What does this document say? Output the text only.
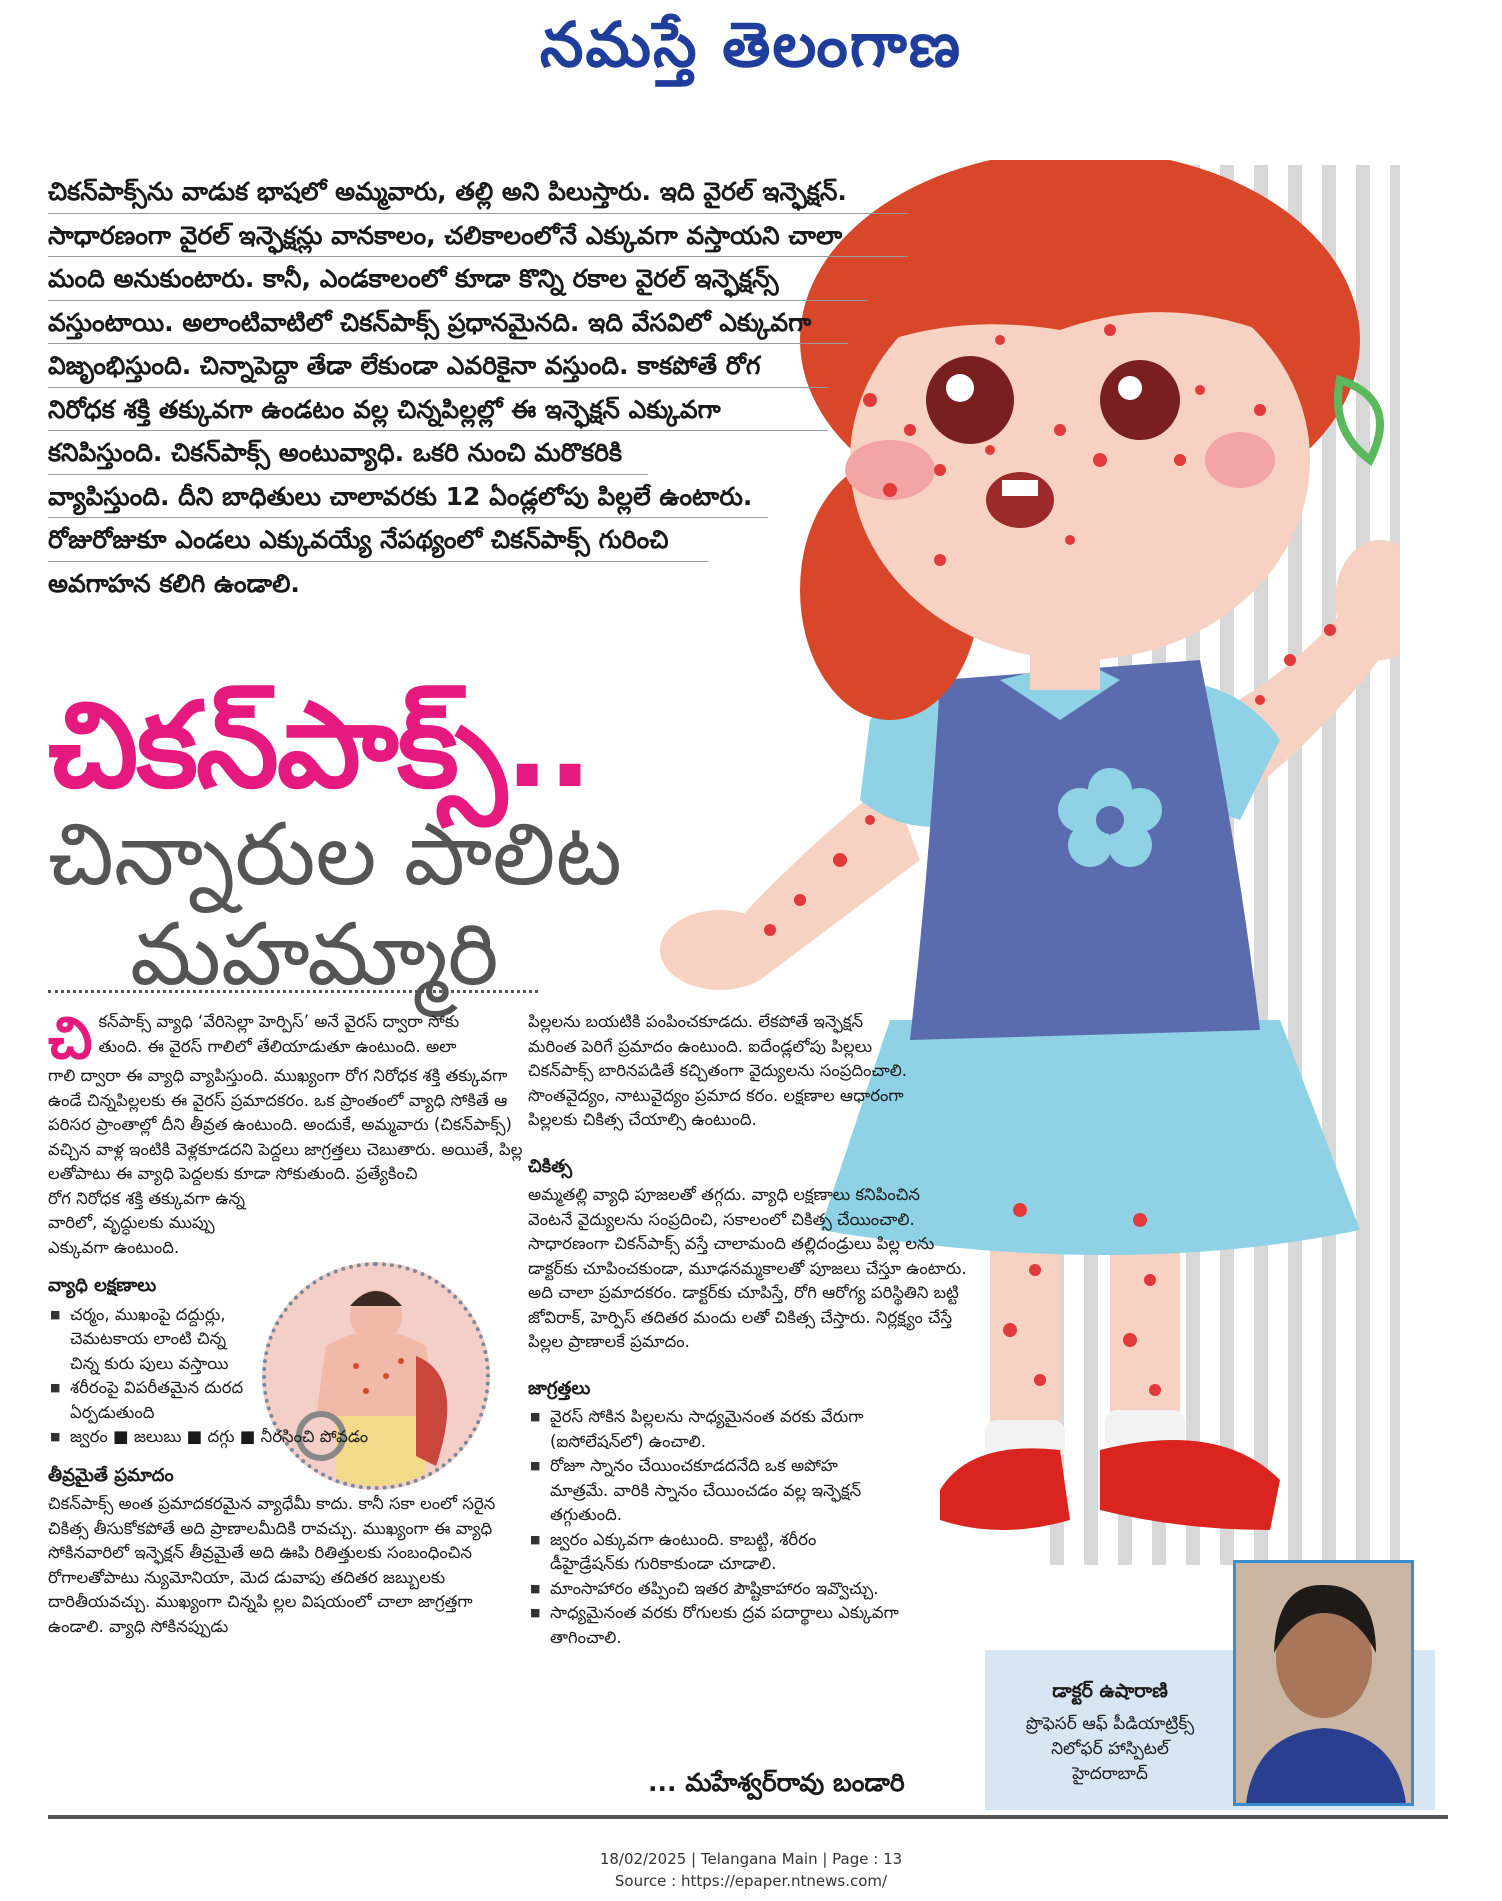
నమస్తే తెలంగాణ
చికన్‌పాక్స్‌ను వాడుక భాషలో అమ్మవారు, తల్లి అని పిలుస్తారు. ఇది వైరల్ ఇన్ఫెక్షన్.
సాధారణంగా వైరల్ ఇన్ఫెక్షన్లు వానకాలం, చలికాలంలోనే ఎక్కువగా వస్తాయని చాలా
మంది అనుకుంటారు. కానీ, ఎండకాలంలో కూడా కొన్ని రకాల వైరల్ ఇన్ఫెక్షన్స్
వస్తుంటాయి. అలాంటివాటిలో చికన్‌పాక్స్ ప్రధానమైనది. ఇది వేసవిలో ఎక్కువగా
విజృంభిస్తుంది. చిన్నాపెద్దా తేడా లేకుండా ఎవరికైనా వస్తుంది. కాకపోతే రోగ
నిరోధక శక్తి తక్కువగా ఉండటం వల్ల చిన్నపిల్లల్లో ఈ ఇన్ఫెక్షన్ ఎక్కువగా
కనిపిస్తుంది. చికన్‌పాక్స్ అంటువ్యాధి. ఒకరి నుంచి మరొకరికి
వ్యాపిస్తుంది. దీని బాధితులు చాలావరకు 12 ఏండ్లలోపు పిల్లలే ఉంటారు.
రోజురోజుకూ ఎండలు ఎక్కువయ్యే నేపథ్యంలో చికన్‌పాక్స్ గురించి
అవగాహన కలిగి ఉండాలి.
చికన్‌పాక్స్..
చిన్నారుల పాలిట
మహమ్మారి
చి కన్‌పాక్స్ వ్యాధి ‘వేరిసెల్లా హెర్పిస్’ అనే వైరస్ ద్వారా సోకు

తుంది. ఈ వైరస్ గాలిలో తేలియాడుతూ ఉంటుంది. అలా

గాలి ద్వారా ఈ వ్యాధి వ్యాపిస్తుంది. ముఖ్యంగా రోగ నిరోధక శక్తి తక్కువగా ఉండే చిన్నపిల్లలకు ఈ వైరస్ ప్రమాదకరం. ఒక ప్రాంతంలో వ్యాధి సోకితే ఆ పరిసర ప్రాంతాల్లో దీని తీవ్రత ఉంటుంది. అందుకే, అమ్మవారు (చికన్‌పాక్స్) వచ్చిన వాళ్ల ఇంటికి వెళ్లకూడదని పెద్దలు జాగ్రత్తలు చెబుతారు. అయితే, పిల్ల లతోపాటు ఈ వ్యాధి పెద్దలకు కూడా సోకుతుంది. ప్రత్యేకించి

రోగ నిరోధక శక్తి తక్కువగా ఉన్న వారిలో, వృద్ధులకు ముప్పు ఎక్కువగా ఉంటుంది.

వ్యాధి లక్షణాలు
■ చర్మం, ముఖంపై దద్దుర్లు, చెమటకాయ లాంటి చిన్న చిన్న కురు పులు వస్తాయి
■ శరీరంపై విపరీతమైన దురద ఏర్పడుతుంది
■ జ్వరం ■ జలుబు ■ దగ్గు ■ నీరసించి పోవడం
తీవ్రమైతే ప్రమాదం

చికన్‌పాక్స్ అంత ప్రమాదకరమైన వ్యాధేమీ కాదు. కానీ సకా లంలో సరైన చికిత్స తీసుకోకపోతే అది ప్రాణాలమీదికి రావచ్చు. ముఖ్యంగా ఈ వ్యాధి సోకినవారిలో ఇన్ఫెక్షన్ తీవ్రమైతే అది ఊపి రితిత్తులకు సంబంధించిన రోగాలతోపాటు న్యుమోనియా, మెద డువాపు తదితర జబ్బులకు దారితీయవచ్చు. ముఖ్యంగా చిన్నపి ల్లల విషయంలో చాలా జాగ్రత్తగా ఉండాలి. వ్యాధి సోకినప్పుడు

పిల్లలను బయటికి పంపించకూడదు. లేకపోతే ఇన్ఫెక్షన్ మరింత పెరిగే ప్రమాదం ఉంటుంది. ఐదేండ్లలోపు పిల్లలు చికన్‌పాక్స్ బారినపడితే కచ్చితంగా వైద్యులను సంప్రదించాలి. సొంతవైద్యం, నాటువైద్యం ప్రమాద కరం. లక్షణాల ఆధారంగా పిల్లలకు చికిత్స చేయాల్సి ఉంటుంది.

చికిత్స

అమ్మతల్లి వ్యాధి పూజలతో తగ్గదు. వ్యాధి లక్షణాలు కనిపించిన వెంటనే వైద్యులను సంప్రదించి, సకాలంలో చికిత్స చేయించాలి. సాధారణంగా చికన్‌పాక్స్ వస్తే చాలామంది తల్లిదండ్రులు పిల్ల లను డాక్టర్‌కు చూపించకుండా, మూఢనమ్మకాలతో పూజలు చేస్తూ ఉంటారు. అది చాలా ప్రమాదకరం. డాక్టర్‌కు చూపిస్తే, రోగి ఆరోగ్య పరిస్థితిని బట్టి జోవిరాక్, హెర్పిస్ తదితర మందు లతో చికిత్స చేస్తారు. నిర్లక్ష్యం చేస్తే పిల్లల ప్రాణాలకే ప్రమాదం.

జాగ్రత్తలు
■ వైరస్ సోకిన పిల్లలను సాధ్యమైనంత వరకు వేరుగా (ఐసోలేషన్‌లో) ఉంచాలి.
■ రోజూ స్నానం చేయించకూడదనేది ఒక అపోహ మాత్రమే. వారికి స్నానం చేయించడం వల్ల ఇన్ఫెక్షన్ తగ్గుతుంది.
■ జ్వరం ఎక్కువగా ఉంటుంది. కాబట్టి, శరీరం డీహైడ్రేషన్‌కు గురికాకుండా చూడాలి.
■ మాంసాహారం తప్పించి ఇతర పౌష్టికాహారం ఇవ్వొచ్చు.
■ సాధ్యమైనంత వరకు రోగులకు ద్రవ పదార్థాలు ఎక్కువగా తాగించాలి.
... మహేశ్వర్‌రావు బండారి
డాక్టర్ ఉషారాణి
ప్రొఫెసర్ ఆఫ్ పీడియాట్రిక్స్
నిలోఫర్ హాస్పిటల్
హైదరాబాద్
18/02/2025 | Telangana Main | Page : 13
Source : https://epaper.ntnews.com/
